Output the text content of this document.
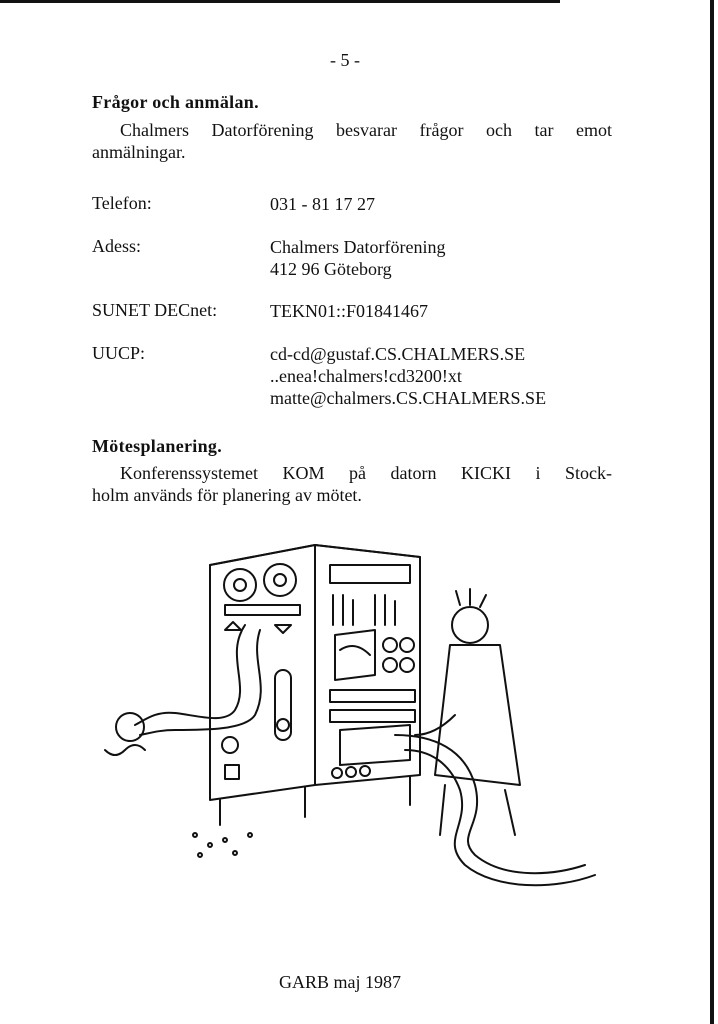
- 5 -
Frågor och anmälan.
Chalmers Datorförening besvarar frågor och tar emot
anmälningar.
Telefon:	031 - 81 17 27
Adess:	Chalmers Datorförening
412 96 Göteborg
SUNET DECnet:	TEKN01::F01841467
UUCP:	cd-cd@gustaf.CS.CHALMERS.SE
..enea!chalmers!cd3200!xt
matte@chalmers.CS.CHALMERS.SE
Mötesplanering.
Konferenssystemet KOM på datorn KICKI i Stock-
holm används för planering av mötet.
GARB maj 1987
